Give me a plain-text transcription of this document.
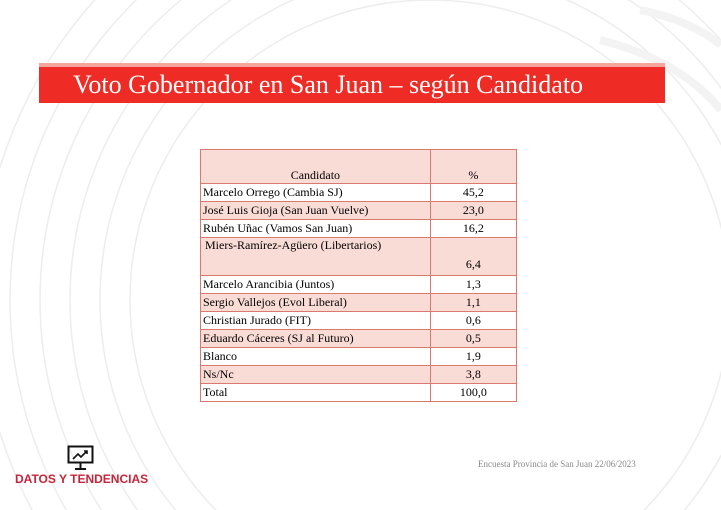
Voto Gobernador en San Juan – según Candidato
Candidato	%
Marcelo Orrego (Cambia SJ)	45,2
José Luis Gioja (San Juan Vuelve)	23,0
Rubén Uñac (Vamos San Juan)	16,2
Miers-Ramírez-Agüero (Libertarios)	6,4
Marcelo Arancibia (Juntos)	1,3
Sergio Vallejos (Evol Liberal)	1,1
Christian Jurado (FIT)	0,6
Eduardo Cáceres (SJ al Futuro)	0,5
Blanco	1,9
Ns/Nc	3,8
Total	100,0
DATOS Y TENDENCIAS
Encuesta Provincia de San Juan 22/06/2023
